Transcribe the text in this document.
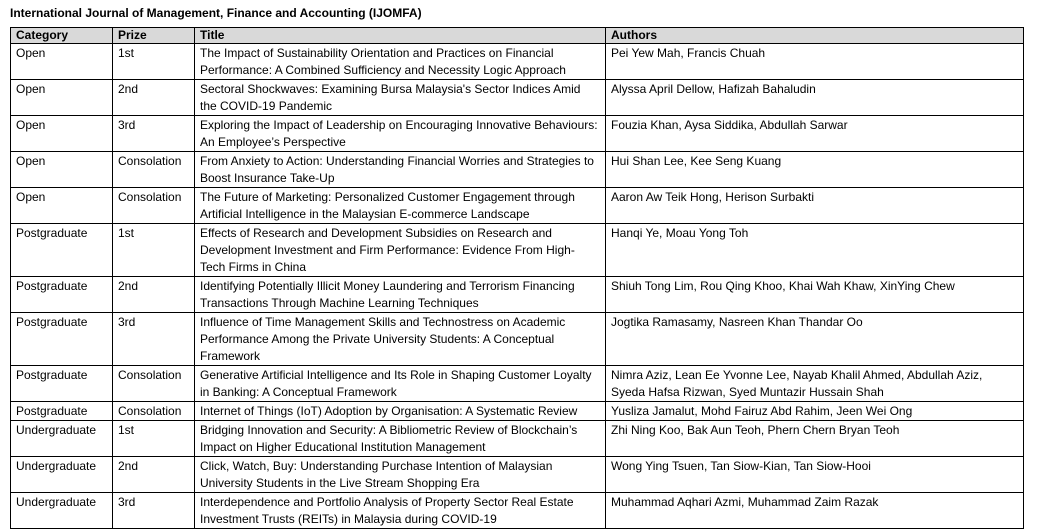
International Journal of Management, Finance and Accounting (IJOMFA)
Category	Prize	Title	Authors
Open	1st	The Impact of Sustainability Orientation and Practices on Financial Performance: A Combined Sufficiency and Necessity Logic Approach	Pei Yew Mah, Francis Chuah
Open	2nd	Sectoral Shockwaves: Examining Bursa Malaysia's Sector Indices Amid the COVID-19 Pandemic	Alyssa April Dellow, Hafizah Bahaludin
Open	3rd	Exploring the Impact of Leadership on Encouraging Innovative Behaviours: An Employee’s Perspective	Fouzia Khan, Aysa Siddika, Abdullah Sarwar
Open	Consolation	From Anxiety to Action: Understanding Financial Worries and Strategies to Boost Insurance Take-Up	Hui Shan Lee, Kee Seng Kuang
Open	Consolation	The Future of Marketing: Personalized Customer Engagement through Artificial Intelligence in the Malaysian E-commerce Landscape	Aaron Aw Teik Hong, Herison Surbakti
Postgraduate	1st	Effects of Research and Development Subsidies on Research and Development Investment and Firm Performance: Evidence From High-Tech Firms in China	Hanqi Ye, Moau Yong Toh
Postgraduate	2nd	Identifying Potentially Illicit Money Laundering and Terrorism Financing Transactions Through Machine Learning Techniques	Shiuh Tong Lim, Rou Qing Khoo, Khai Wah Khaw, XinYing Chew
Postgraduate	3rd	Influence of Time Management Skills and Technostress on Academic Performance Among the Private University Students: A Conceptual Framework	Jogtika Ramasamy, Nasreen Khan Thandar Oo
Postgraduate	Consolation	Generative Artificial Intelligence and Its Role in Shaping Customer Loyalty in Banking: A Conceptual Framework	Nimra Aziz, Lean Ee Yvonne Lee, Nayab Khalil Ahmed, Abdullah Aziz, Syeda Hafsa Rizwan, Syed Muntazir Hussain Shah
Postgraduate	Consolation	Internet of Things (IoT) Adoption by Organisation: A Systematic Review	Yusliza Jamalut, Mohd Fairuz Abd Rahim, Jeen Wei Ong
Undergraduate	1st	Bridging Innovation and Security: A Bibliometric Review of Blockchain’s Impact on Higher Educational Institution Management	Zhi Ning Koo, Bak Aun Teoh, Phern Chern Bryan Teoh
Undergraduate	2nd	Click, Watch, Buy: Understanding Purchase Intention of Malaysian University Students in the Live Stream Shopping Era	Wong Ying Tsuen, Tan Siow-Kian, Tan Siow-Hooi
Undergraduate	3rd	Interdependence and Portfolio Analysis of Property Sector Real Estate Investment Trusts (REITs) in Malaysia during COVID-19	Muhammad Aqhari Azmi, Muhammad Zaim Razak
